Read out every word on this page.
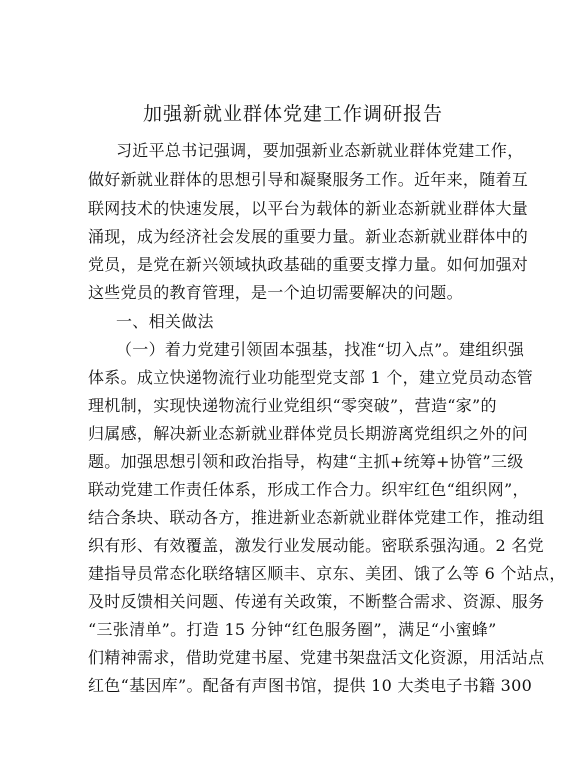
加强新就业群体党建工作调研报告
习近平总书记强调，要加强新业态新就业群体党建工作，
做好新就业群体的思想引导和凝聚服务工作。近年来，随着互
联网技术的快速发展，以平台为载体的新业态新就业群体大量
涌现，成为经济社会发展的重要力量。新业态新就业群体中的
党员，是党在新兴领域执政基础的重要支撑力量。如何加强对
这些党员的教育管理，是一个迫切需要解决的问题。
一、相关做法
（一）着力党建引领固本强基，找准“切入点”。建组织强
体系。成立快递物流行业功能型党支部 1 个，建立党员动态管
理机制，实现快递物流行业党组织“零突破”，营造“家”的
归属感，解决新业态新就业群体党员长期游离党组织之外的问
题。加强思想引领和政治指导，构建“主抓+统筹+协管”三级
联动党建工作责任体系，形成工作合力。织牢红色“组织网”，
结合条块、联动各方，推进新业态新就业群体党建工作，推动组
织有形、有效覆盖，激发行业发展动能。密联系强沟通。2 名党
建指导员常态化联络辖区顺丰、京东、美团、饿了么等 6 个站点，
及时反馈相关问题、传递有关政策，不断整合需求、资源、服务
“三张清单”。打造 15 分钟“红色服务圈”，满足“小蜜蜂”
们精神需求，借助党建书屋、党建书架盘活文化资源，用活站点
红色“基因库”。配备有声图书馆，提供 10 大类电子书籍 300
